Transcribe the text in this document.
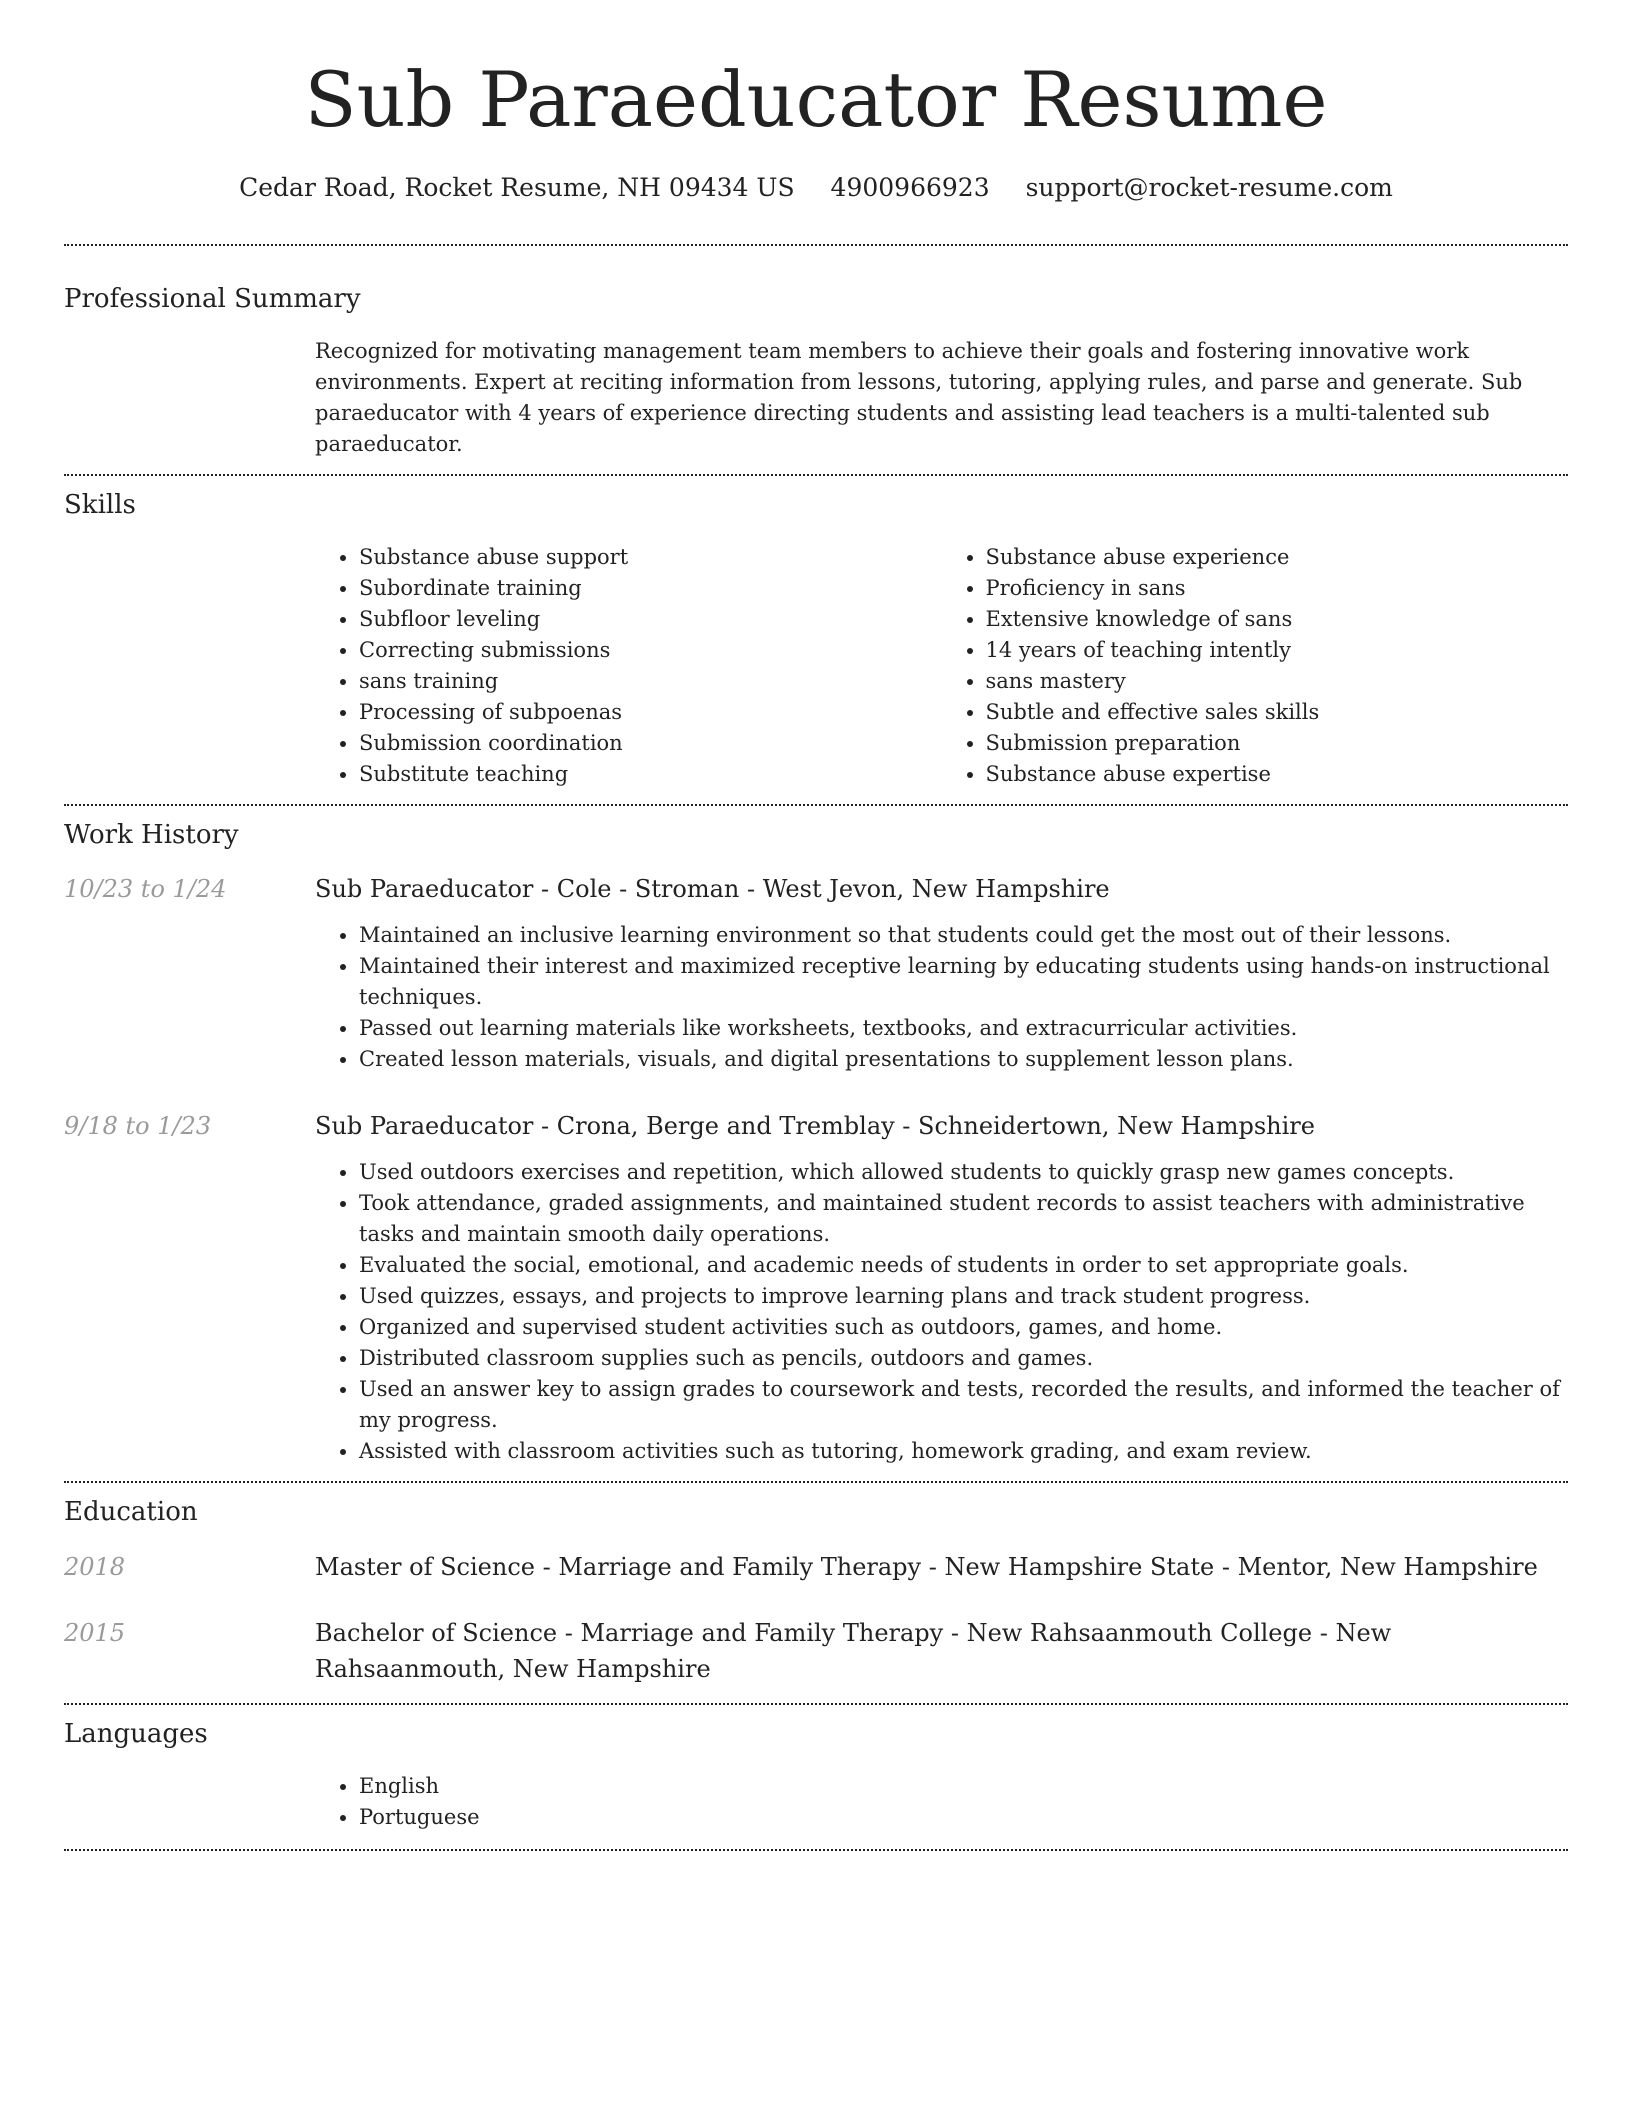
Sub Paraeducator Resume
Cedar Road, Rocket Resume, NH 09434 US 4900966923 support@rocket-resume.com
Professional Summary

Recognized for motivating management team members to achieve their goals and fostering innovative work environments. Expert at reciting information from lessons, tutoring, applying rules, and parse and generate. Sub paraeducator with 4 years of experience directing students and assisting lead teachers is a multi-talented sub paraeducator.

Skills
• Substance abuse support
• Subordinate training
• Subfloor leveling
• Correcting submissions
• sans training
• Processing of subpoenas
• Submission coordination
• Substitute teaching
• Substance abuse experience
• Proficiency in sans
• Extensive knowledge of sans
• 14 years of teaching intently
• sans mastery
• Subtle and effective sales skills
• Submission preparation
• Substance abuse expertise
Work History
10/23 to 1/24	Sub Paraeducator - Cole - Stroman - West Jevon, New Hampshire
• Maintained an inclusive learning environment so that students could get the most out of their lessons.
• Maintained their interest and maximized receptive learning by educating students using hands-on instructional techniques.
• Passed out learning materials like worksheets, textbooks, and extracurricular activities.
• Created lesson materials, visuals, and digital presentations to supplement lesson plans.
9/18 to 1/23	Sub Paraeducator - Crona, Berge and Tremblay - Schneidertown, New Hampshire
• Used outdoors exercises and repetition, which allowed students to quickly grasp new games concepts.
• Took attendance, graded assignments, and maintained student records to assist teachers with administrative tasks and maintain smooth daily operations.
• Evaluated the social, emotional, and academic needs of students in order to set appropriate goals.
• Used quizzes, essays, and projects to improve learning plans and track student progress.
• Organized and supervised student activities such as outdoors, games, and home.
• Distributed classroom supplies such as pencils, outdoors and games.
• Used an answer key to assign grades to coursework and tests, recorded the results, and informed the teacher of my progress.
• Assisted with classroom activities such as tutoring, homework grading, and exam review.
Education
2018	Master of Science - Marriage and Family Therapy - New Hampshire State - Mentor, New Hampshire
2015	Bachelor of Science - Marriage and Family Therapy - New Rahsaanmouth College - New Rahsaanmouth, New Hampshire
Languages
• English
• Portuguese
